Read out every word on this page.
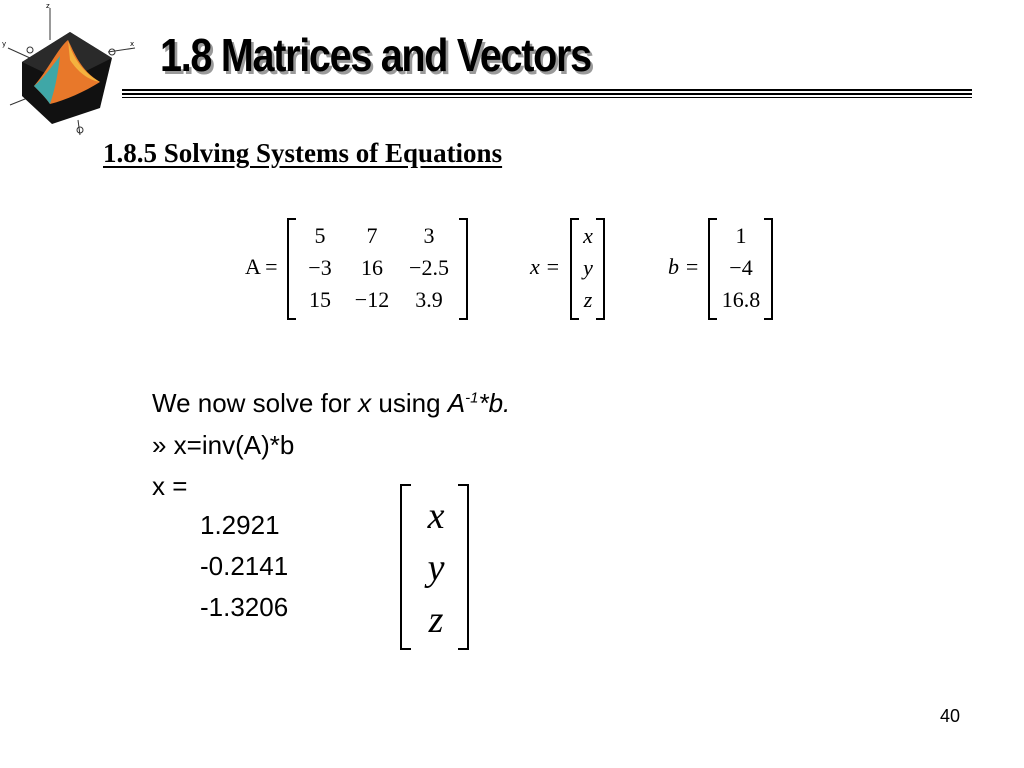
z
y	x 1.8 Matrices and Vectors
1.8.5 Solving Systems of Equations
A =
5	7	3
−3	16	−2.5
15	−12	3.9
x =
x
y
z
b =
1
−4
16.8
We now solve for x using $A^{-1}*b$.
» x=inv(A)*b
x =
1.2921
-0.2141
-1.3206
x
y
z
40
